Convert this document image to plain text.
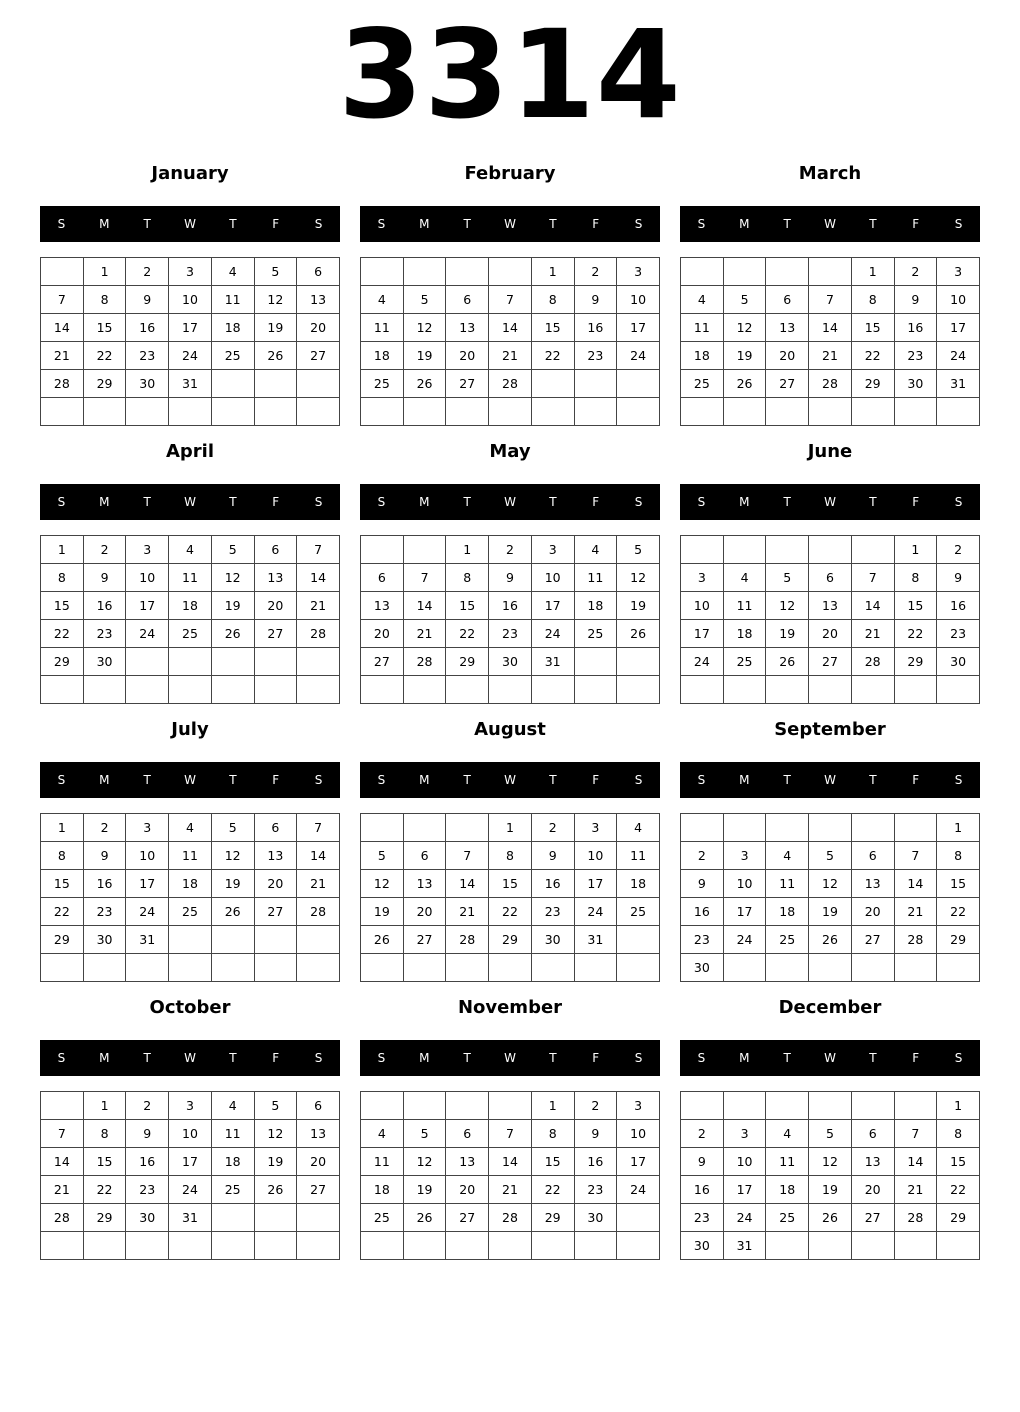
3314
January
S	M	T	W	T	F	S
	1	2	3	4	5	6
7	8	9	10	11	12	13
14	15	16	17	18	19	20
21	22	23	24	25	26	27
28	29	30	31			

February
S	M	T	W	T	F	S
				1	2	3
4	5	6	7	8	9	10
11	12	13	14	15	16	17
18	19	20	21	22	23	24
25	26	27	28			

March
S	M	T	W	T	F	S
				1	2	3
4	5	6	7	8	9	10
11	12	13	14	15	16	17
18	19	20	21	22	23	24
25	26	27	28	29	30	31

April
S	M	T	W	T	F	S
1	2	3	4	5	6	7
8	9	10	11	12	13	14
15	16	17	18	19	20	21
22	23	24	25	26	27	28
29	30					

May
S	M	T	W	T	F	S
		1	2	3	4	5
6	7	8	9	10	11	12
13	14	15	16	17	18	19
20	21	22	23	24	25	26
27	28	29	30	31		

June
S	M	T	W	T	F	S
					1	2
3	4	5	6	7	8	9
10	11	12	13	14	15	16
17	18	19	20	21	22	23
24	25	26	27	28	29	30

July
S	M	T	W	T	F	S
1	2	3	4	5	6	7
8	9	10	11	12	13	14
15	16	17	18	19	20	21
22	23	24	25	26	27	28
29	30	31				

August
S	M	T	W	T	F	S
			1	2	3	4
5	6	7	8	9	10	11
12	13	14	15	16	17	18
19	20	21	22	23	24	25
26	27	28	29	30	31	

September
S	M	T	W	T	F	S
						1
2	3	4	5	6	7	8
9	10	11	12	13	14	15
16	17	18	19	20	21	22
23	24	25	26	27	28	29
30						
October
S	M	T	W	T	F	S
	1	2	3	4	5	6
7	8	9	10	11	12	13
14	15	16	17	18	19	20
21	22	23	24	25	26	27
28	29	30	31			

November
S	M	T	W	T	F	S
				1	2	3
4	5	6	7	8	9	10
11	12	13	14	15	16	17
18	19	20	21	22	23	24
25	26	27	28	29	30	

December
S	M	T	W	T	F	S
						1
2	3	4	5	6	7	8
9	10	11	12	13	14	15
16	17	18	19	20	21	22
23	24	25	26	27	28	29
30	31					
